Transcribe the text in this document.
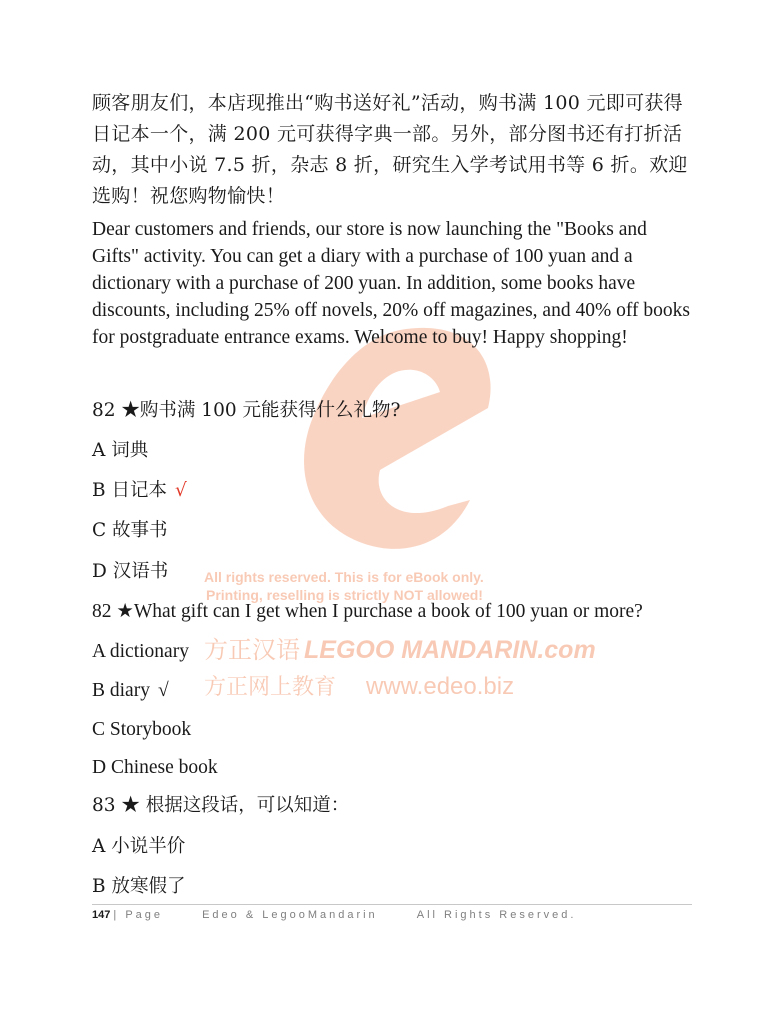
All rights reserved. This is for eBook only.
Printing, reselling is strictly NOT allowed!
方正汉语 LEGOO MANDARIN.com
方正网上教育 www.edeo.biz

顾客朋友们，本店现推出“购书送好礼”活动，购书满 100 元即可获得日记本一个，满 200 元可获得字典一部。另外，部分图书还有打折活动，其中小说 7.5 折，杂志 8 折，研究生入学考试用书等 6 折。欢迎选购！祝您购物愉快！

Dear customers and friends, our store is now launching the "Books and Gifts" activity. You can get a diary with a purchase of 100 yuan and a dictionary with a purchase of 200 yuan. In addition, some books have discounts, including 25% off novels, 20% off magazines, and 40% off books for postgraduate entrance exams. Welcome to buy! Happy shopping!

82 ★购书满 100 元能获得什么礼物?

A 词典

B 日记本 √

C 故事书

D 汉语书

82 ★What gift can I get when I purchase a book of 100 yuan or more?

A dictionary

B diary √

C Storybook

D Chinese book

83 ★ 根据这段话，可以知道：

A 小说半价

B 放寒假了

147 | Page	Edeo & LegooMandarin	All Rights Reserved.
